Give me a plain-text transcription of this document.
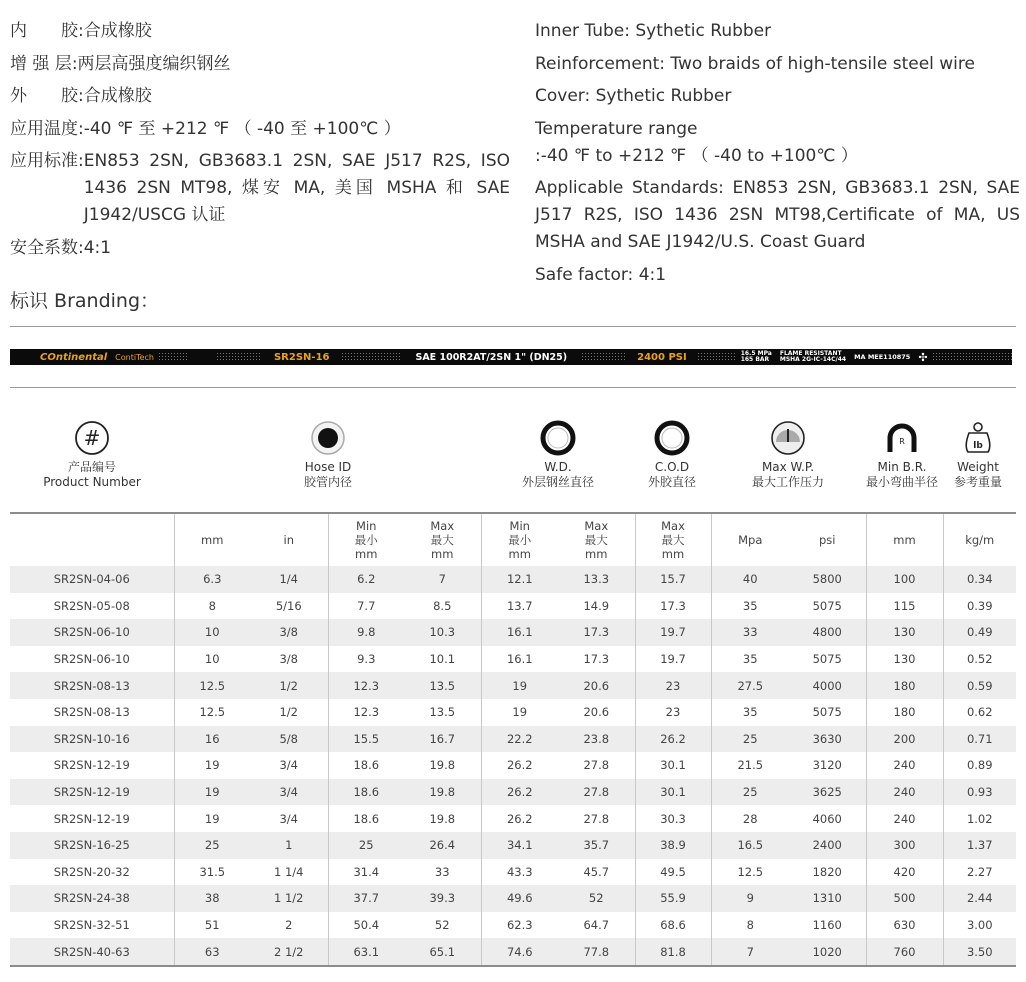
内　　胶 : 合成橡胶
增 强 层 : 两层高强度编织钢丝
外　　胶 : 合成橡胶
应用温度 : -40 ℉ 至 +212 ℉ （ -40 至 +100℃ ）
应用标准 : EN853 2SN, GB3683.1 2SN, SAE J517 R2S, ISO 1436 2SN MT98, 煤安 MA, 美国 MSHA 和 SAE J1942/USCG 认证
安全系数 : 4:1
Inner Tube: Sythetic Rubber
Reinforcement: Two braids of high-tensile steel wire
Cover: Sythetic Rubber
Temperature range :-40 ℉ to +212 ℉ （ -40 to +100℃ ）
Applicable Standards: EN853 2SN, GB3683.1 2SN, SAE J517 R2S, ISO 1436 2SN MT98,Certificate of MA, US MSHA and SAE J1942/U.S. Coast Guard
Safe factor: 4:1
标识 Branding：
COntinental	ContiTech	SR2SN-16	SAE 100R2AT/2SN 1" (DN25)	2400 PSI	16.5 MPa
165 BAR
FLAME RESISTANT
MSHA 2G-IC-14C/44	MA MEE110875 ✣
#
产品编号
Product Number
Hose ID
胶管内径
W.D.
外层钢丝直径
C.O.D
外胶直径
Max W.P.
最大工作压力
R
Min B.R.
最小弯曲半径
lb
Weight
参考重量
	mm	in	Min
最小
mm	Max
最大
mm	Min
最小
mm	Max
最大
mm	Max
最大
mm	Mpa	psi	mm	kg/m
SR2SN-04-06	6.3	1/4	6.2	7	12.1	13.3	15.7	40	5800	100	0.34
SR2SN-05-08	8	5/16	7.7	8.5	13.7	14.9	17.3	35	5075	115	0.39
SR2SN-06-10	10	3/8	9.8	10.3	16.1	17.3	19.7	33	4800	130	0.49
SR2SN-06-10	10	3/8	9.3	10.1	16.1	17.3	19.7	35	5075	130	0.52
SR2SN-08-13	12.5	1/2	12.3	13.5	19	20.6	23	27.5	4000	180	0.59
SR2SN-08-13	12.5	1/2	12.3	13.5	19	20.6	23	35	5075	180	0.62
SR2SN-10-16	16	5/8	15.5	16.7	22.2	23.8	26.2	25	3630	200	0.71
SR2SN-12-19	19	3/4	18.6	19.8	26.2	27.8	30.1	21.5	3120	240	0.89
SR2SN-12-19	19	3/4	18.6	19.8	26.2	27.8	30.1	25	3625	240	0.93
SR2SN-12-19	19	3/4	18.6	19.8	26.2	27.8	30.3	28	4060	240	1.02
SR2SN-16-25	25	1	25	26.4	34.1	35.7	38.9	16.5	2400	300	1.37
SR2SN-20-32	31.5	1 1/4	31.4	33	43.3	45.7	49.5	12.5	1820	420	2.27
SR2SN-24-38	38	1 1/2	37.7	39.3	49.6	52	55.9	9	1310	500	2.44
SR2SN-32-51	51	2	50.4	52	62.3	64.7	68.6	8	1160	630	3.00
SR2SN-40-63	63	2 1/2	63.1	65.1	74.6	77.8	81.8	7	1020	760	3.50
